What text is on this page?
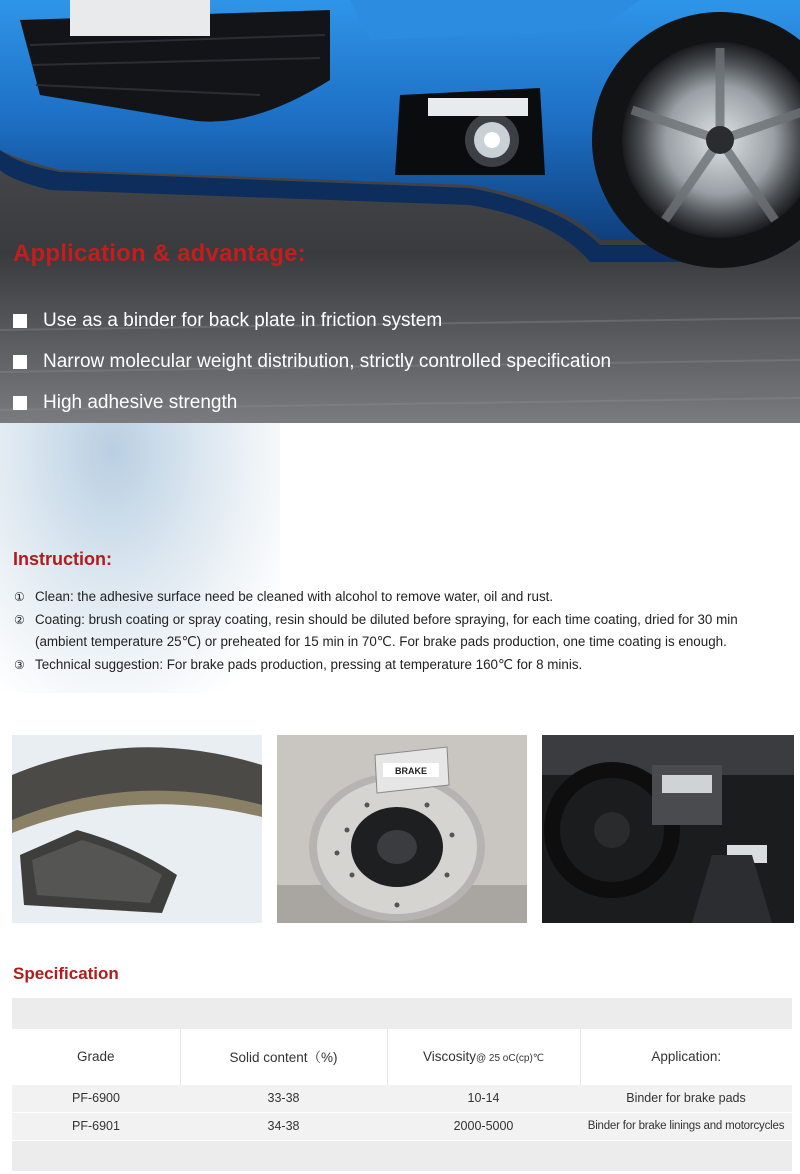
Application & advantage:
Use as a binder for back plate in friction system
Narrow molecular weight distribution, strictly controlled specification
High adhesive strength
Instruction:
① Clean: the adhesive surface need be cleaned with alcohol to remove water, oil and rust.
② Coating: brush coating or spray coating, resin should be diluted before spraying, for each time coating, dried for 30 min
(ambient temperature 25℃) or preheated for 15 min in 70℃. For brake pads production, one time coating is enough.
③ Technical suggestion: For brake pads production, pressing at temperature 160℃ for 8 minis.
BRAKE
Specification

Grade	Solid content（%)	Viscosity@ 25 oC(cp)℃	Application:
PF-6900	33-38	10-14	Binder for brake pads
PF-6901	34-38	2000-5000	Binder for brake linings and motorcycles
